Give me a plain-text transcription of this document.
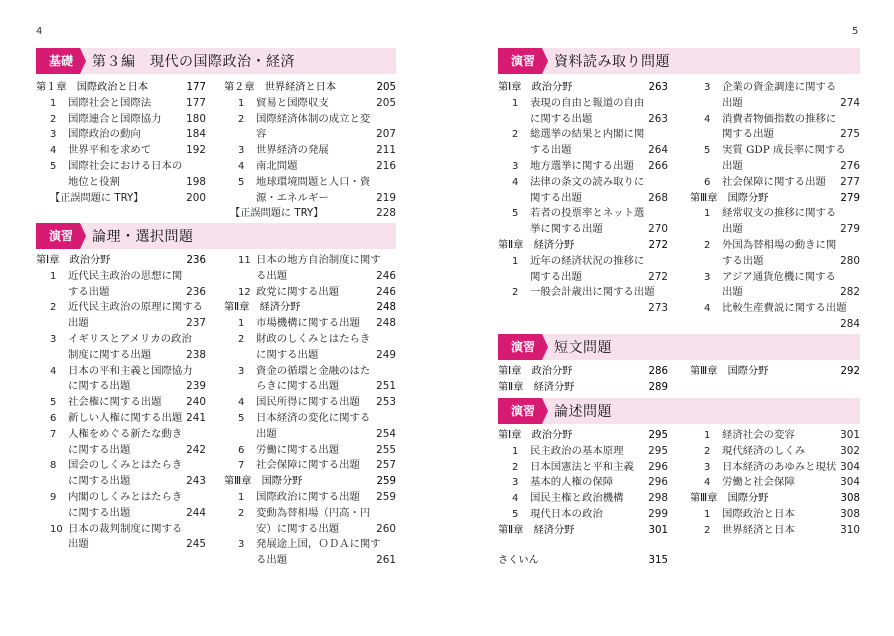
4	5
基礎	第３編　現代の国際政治・経済
演習	論理・選択問題
演習	資料読み取り問題
演習	短文問題
演習	論述問題
第１章　国際政治と日本	177
1 国際社会と国際法	177
2 国際連合と国際協力 180
3 国際政治の動向	184
4 世界平和を求めて	192
5 国際社会における日本の
地位と役割	198
【正誤問題に TRY】	200
第２章　世界経済と日本	205
1 貿易と国際収支	205
2 国際経済体制の成立と変
容	207
3 世界経済の発展	211
4 南北問題	216
5 地球環境問題と人口・資
源・エネルギー	219
【正誤問題に TRY】	228
第Ⅰ章　政治分野	236
1 近代民主政治の思想に関
する出題	236
2 近代民主政治の原理に関する
出題	237
3 イギリスとアメリカの政治
制度に関する出題	238
4 日本の平和主義と国際協力
に関する出題	239
5 社会権に関する出題 240
6 新しい人権に関する出題 241
7 人権をめぐる新たな動き
に関する出題	242
8 国会のしくみとはたらき
に関する出題	243
9 内閣のしくみとはたらき
に関する出題	244
10 日本の裁判制度に関する
出題	245
11 日本の地方自治制度に関す
る出題	246
12 政党に関する出題	246
第Ⅱ章　経済分野	248
1 市場機構に関する出題 248
2 財政のしくみとはたらき
に関する出題	249
3 資金の循環と金融のはた
らきに関する出題	251
4 国民所得に関する出題 253
5 日本経済の変化に関する
出題	254
6 労働に関する出題	255
7 社会保障に関する出題 257
第Ⅲ章　国際分野	259
1 国際政治に関する出題 259
2 変動為替相場（円高・円
安）に関する出題	260
3 発展途上国，ＯＤＡに関す
る出題	261
第Ⅰ章　政治分野	263
1 表現の自由と報道の自由
に関する出題	263
2 総選挙の結果と内閣に関
する出題	264
3 地方選挙に関する出題 266
4 法律の条文の読み取りに
関する出題	268
5 若者の投票率とネット選
挙に関する出題	270
第Ⅱ章　経済分野	272
1 近年の経済状況の推移に
関する出題	272
2 一般会計歳出に関する出題
273
3 企業の資金調達に関する
出題	274
4 消費者物価指数の推移に
関する出題	275
5 実質 GDP 成長率に関する
出題	276
6 社会保障に関する出題 277
第Ⅲ章　国際分野	279
1 経常収支の推移に関する
出題	279
2 外国為替相場の動きに関
する出題	280
3 アジア通貨危機に関する
出題	282
4 比較生産費説に関する出題
284
第Ⅰ章　政治分野	286
第Ⅱ章　経済分野	289
第Ⅲ章　国際分野	292
第Ⅰ章　政治分野	295
1 民主政治の基本原理 295
2 日本国憲法と平和主義 296
3 基本的人権の保障	296
4 国民主権と政治機構 298
5 現代日本の政治	299
第Ⅱ章　経済分野	301
1 経済社会の変容	301
2 現代経済のしくみ	302
3 日本経済のあゆみと現状 304
4 労働と社会保障	304
第Ⅲ章　国際分野	308
1 国際政治と日本	308
2 世界経済と日本	310
さくいん	315
